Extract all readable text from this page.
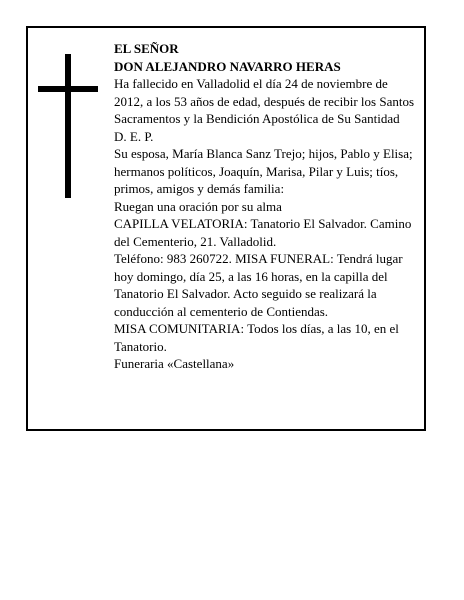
EL SEÑOR
DON ALEJANDRO NAVARRO HERAS
Ha fallecido en Valladolid el día 24 de noviembre de 2012, a los 53 años de edad, después de recibir los Santos Sacramentos y la Bendición Apostólica de Su Santidad
D. E. P.
Su esposa, María Blanca Sanz Trejo; hijos, Pablo y Elisa; hermanos políticos, Joaquín, Marisa, Pilar y Luis; tíos, primos, amigos y demás familia:
Ruegan una oración por su alma
CAPILLA VELATORIA: Tanatorio El Salvador. Camino del Cementerio, 21. Valladolid.
Teléfono: 983 260722. MISA FUNERAL: Tendrá lugar hoy domingo, día 25, a las 16 horas, en la capilla del Tanatorio El Salvador. Acto seguido se realizará la conducción al cementerio de Contiendas.
MISA COMUNITARIA: Todos los días, a las 10, en el Tanatorio.
Funeraria «Castellana»
